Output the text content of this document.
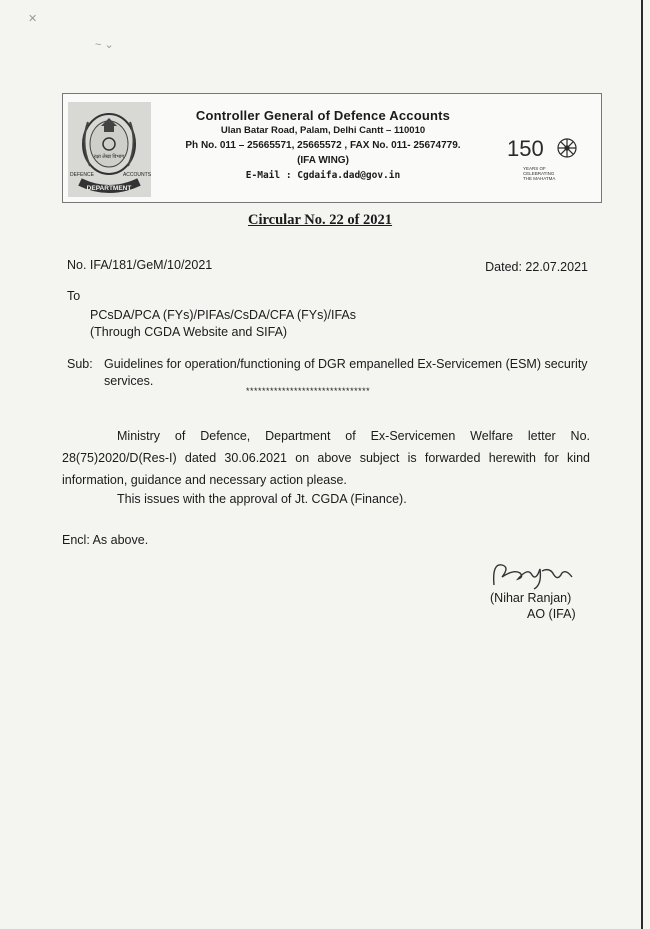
✕
~ ⌄
रक्षा लेखा विभाग
DEFENCE	ACCOUNTS
DEPARTMENT
Controller General of Defence Accounts
Ulan Batar Road, Palam, Delhi Cantt – 110010
Ph No. 011 – 25665571, 25665572 , FAX No. 011- 25674779.
(IFA WING)
E-Mail : Cgdaifa.dad@gov.in
150
YEARS OF CELEBRATING THE MAHATMA
Circular No. 22 of 2021
No. IFA/181/GeM/10/2021	Dated: 22.07.2021
To
PCsDA/PCA (FYs)/PIFAs/CsDA/CFA (FYs)/IFAs
(Through CGDA Website and SIFA)
Sub: Guidelines for operation/functioning of DGR empanelled Ex-Servicemen (ESM) security services.
*******************************
Ministry of Defence, Department of Ex-Servicemen Welfare letter No. 28(75)2020/D(Res-I) dated 30.06.2021 on above subject is forwarded herewith for kind information, guidance and necessary action please.
This issues with the approval of Jt. CGDA (Finance).
Encl: As above.
(Nihar Ranjan)
AO (IFA)
